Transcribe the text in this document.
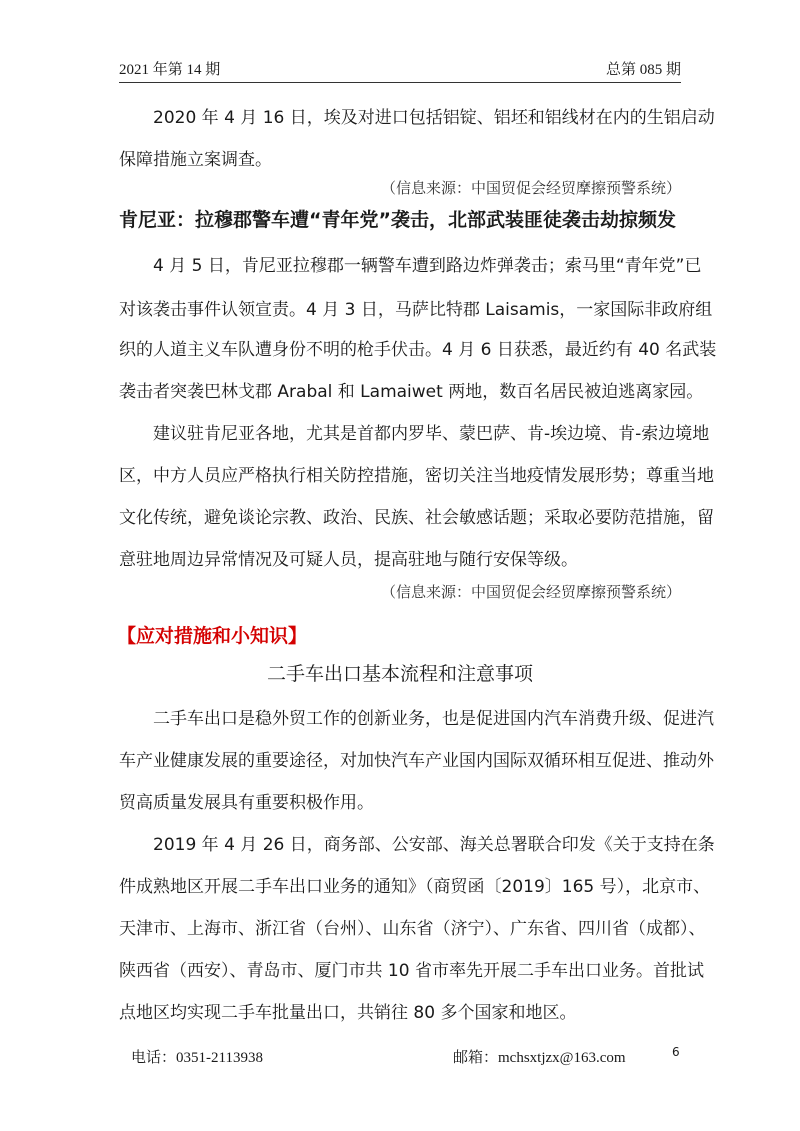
2021 年第 14 期	总第 085 期
　　2020 年 4 月 16 日，埃及对进口包括铝锭、铝坯和铝线材在内的生铝启动
保障措施立案调查。
（信息来源：中国贸促会经贸摩擦预警系统）
肯尼亚：拉穆郡警车遭“青年党”袭击，北部武装匪徒袭击劫掠频发
　　4 月 5 日，肯尼亚拉穆郡一辆警车遭到路边炸弹袭击；索马里“青年党”已
对该袭击事件认领宣责。4 月 3 日，马萨比特郡 Laisamis，一家国际非政府组
织的人道主义车队遭身份不明的枪手伏击。4 月 6 日获悉，最近约有 40 名武装
袭击者突袭巴林戈郡 Arabal 和 Lamaiwet 两地，数百名居民被迫逃离家园。
　　建议驻肯尼亚各地，尤其是首都内罗毕、蒙巴萨、肯-埃边境、肯-索边境地
区，中方人员应严格执行相关防控措施，密切关注当地疫情发展形势；尊重当地
文化传统，避免谈论宗教、政治、民族、社会敏感话题；采取必要防范措施，留
意驻地周边异常情况及可疑人员，提高驻地与随行安保等级。
（信息来源：中国贸促会经贸摩擦预警系统）
【应对措施和小知识】
二手车出口基本流程和注意事项
　　二手车出口是稳外贸工作的创新业务，也是促进国内汽车消费升级、促进汽
车产业健康发展的重要途径，对加快汽车产业国内国际双循环相互促进、推动外
贸高质量发展具有重要积极作用。
　　2019 年 4 月 26 日，商务部、公安部、海关总署联合印发《关于支持在条
件成熟地区开展二手车出口业务的通知》（商贸函〔2019〕165 号），北京市、
天津市、上海市、浙江省（台州）、山东省（济宁）、广东省、四川省（成都）、
陕西省（西安）、青岛市、厦门市共 10 省市率先开展二手车出口业务。首批试
点地区均实现二手车批量出口，共销往 80 多个国家和地区。
电话：0351-2113938	邮箱：mchsxtjzx@163.com	6
